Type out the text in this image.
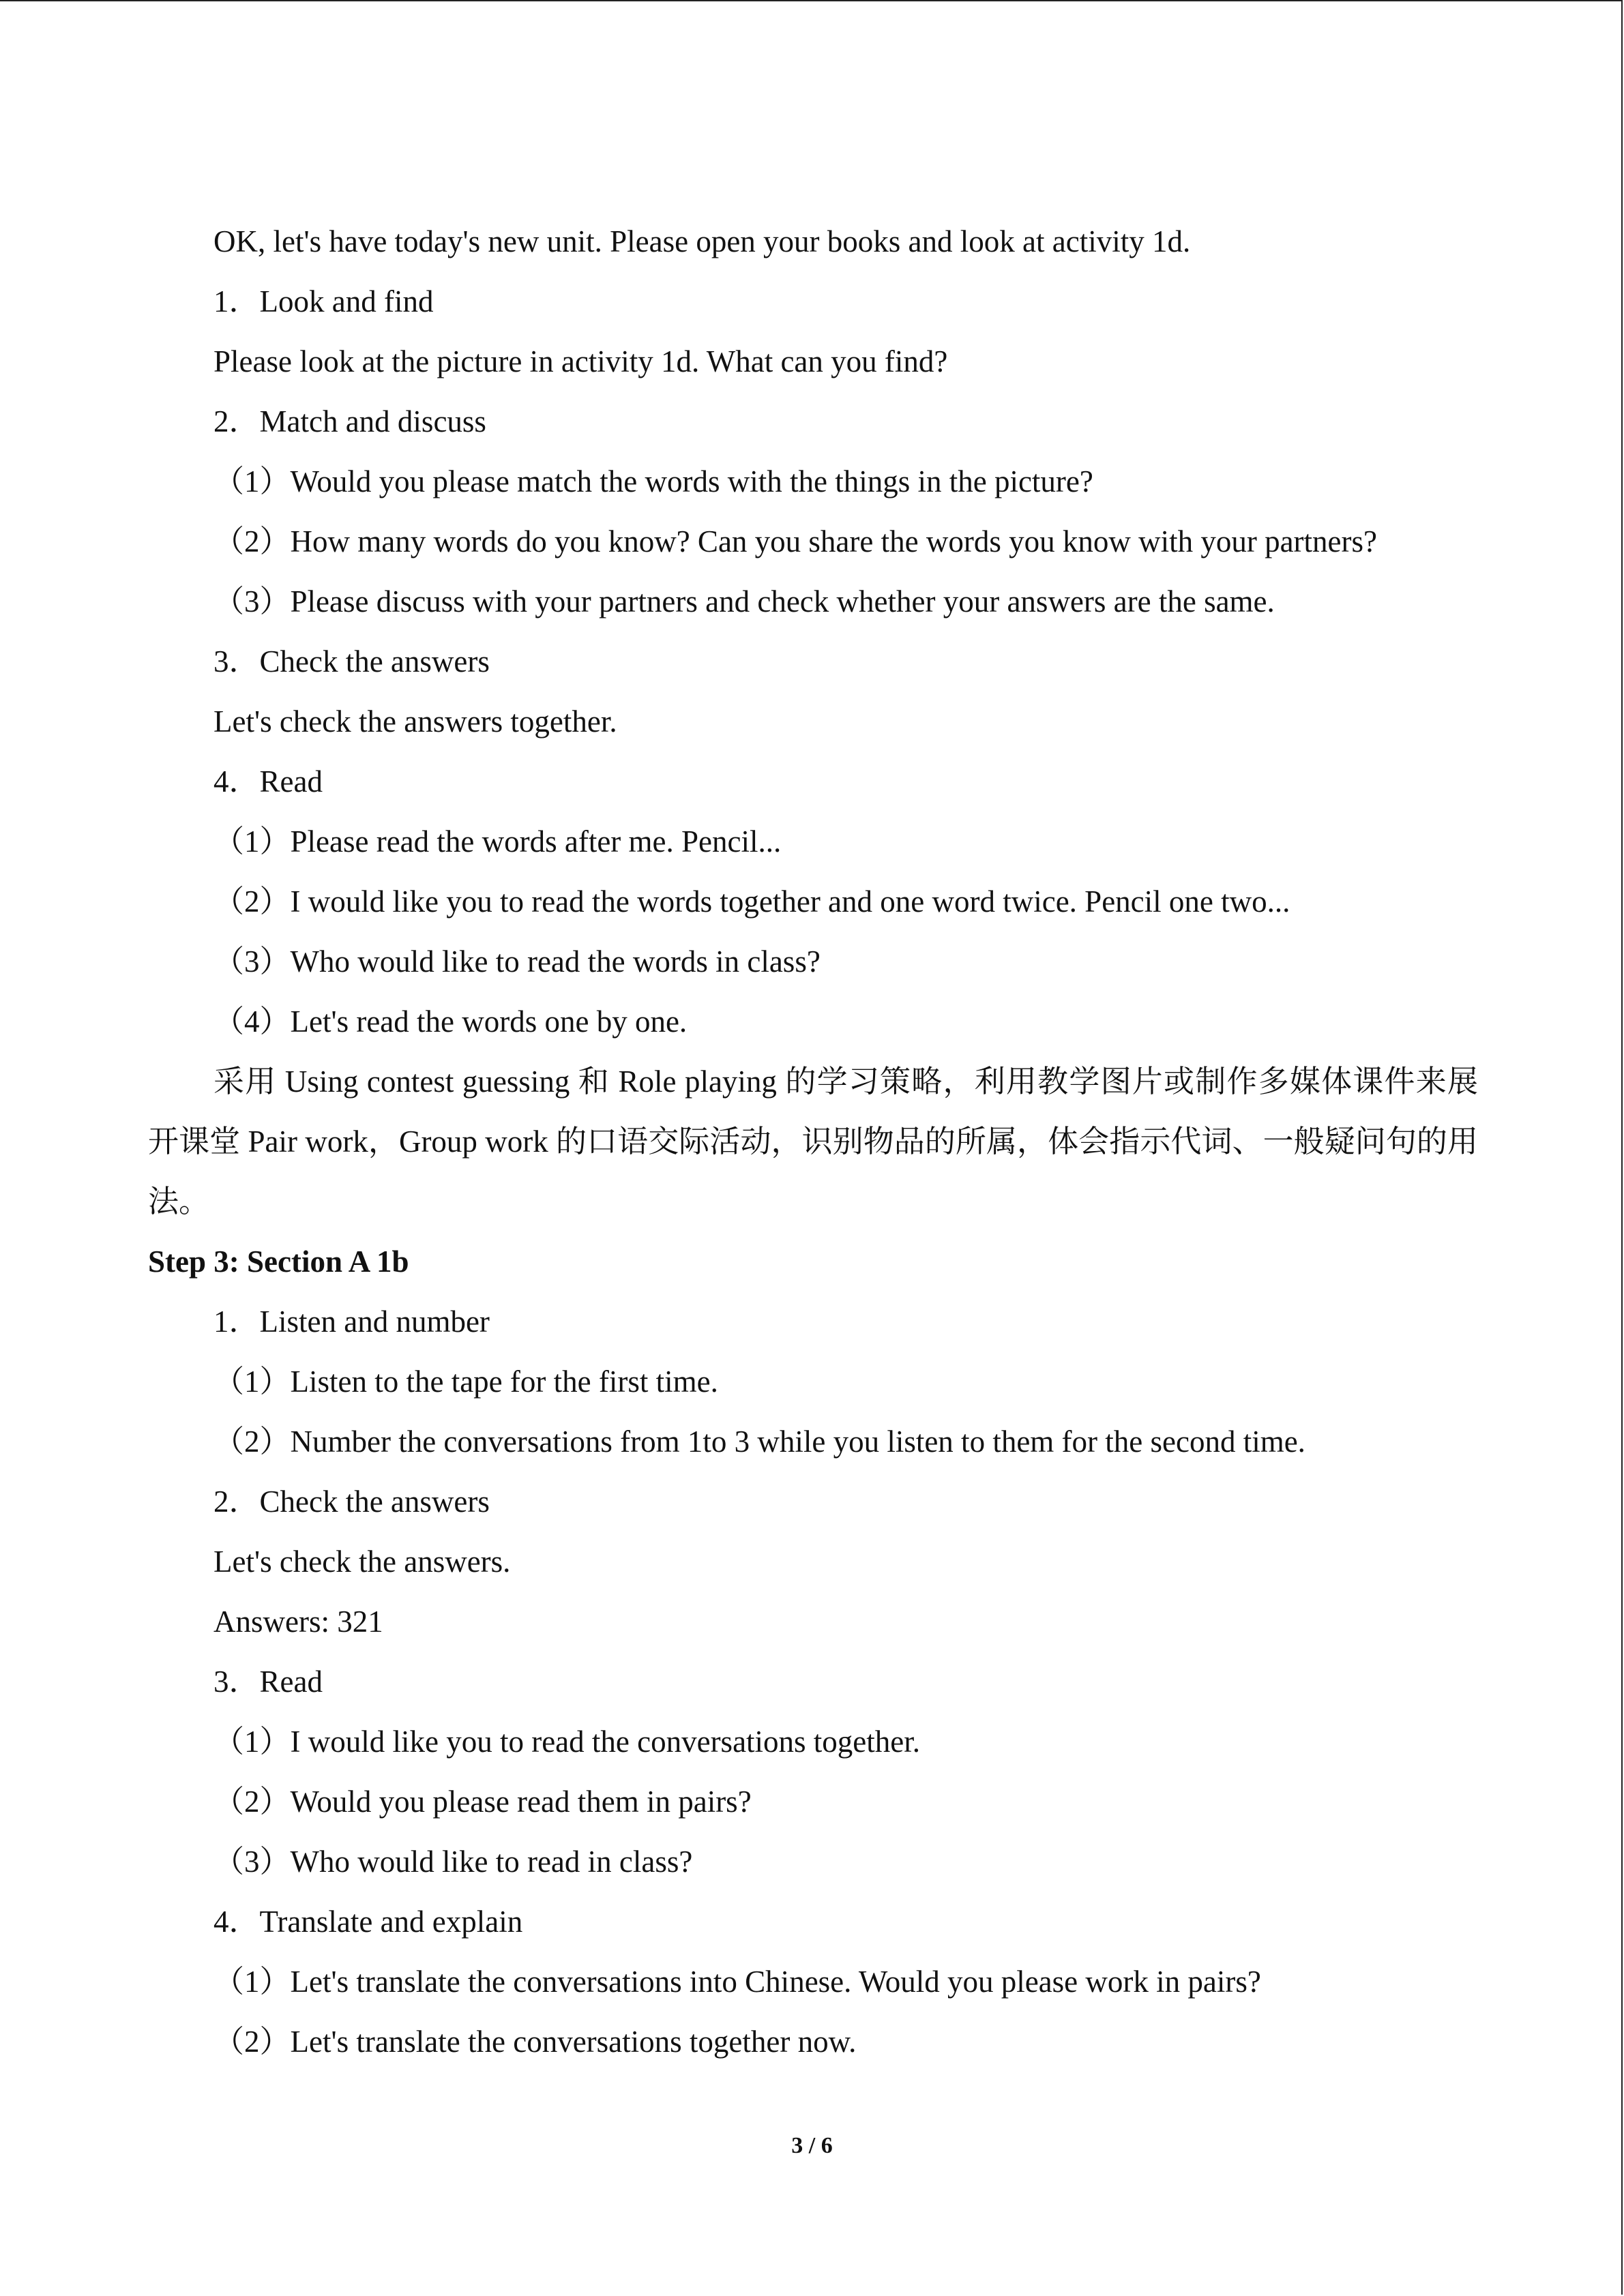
OK, let's have today's new unit. Please open your books and look at activity 1d.
1．Look and find
Please look at the picture in activity 1d. What can you find?
2．Match and discuss
（1）Would you please match the words with the things in the picture?
（2）How many words do you know? Can you share the words you know with your partners?
（3）Please discuss with your partners and check whether your answers are the same.
3．Check the answers
Let's check the answers together.
4．Read
（1）Please read the words after me. Pencil...
（2）I would like you to read the words together and one word twice. Pencil one two...
（3）Who would like to read the words in class?
（4）Let's read the words one by one.
采用 Using contest guessing 和 Role playing 的学习策略，利用教学图片或制作多媒体课件来展开课堂 Pair work，Group work 的口语交际活动，识别物品的所属，体会指示代词、一般疑问句的用法。
Step 3: Section A 1b
1．Listen and number
（1）Listen to the tape for the first time.
（2）Number the conversations from 1to 3 while you listen to them for the second time.
2．Check the answers
Let's check the answers.
Answers: 321
3．Read
（1）I would like you to read the conversations together.
（2）Would you please read them in pairs?
（3）Who would like to read in class?
4．Translate and explain
（1）Let's translate the conversations into Chinese. Would you please work in pairs?
（2）Let's translate the conversations together now.
3 / 6
